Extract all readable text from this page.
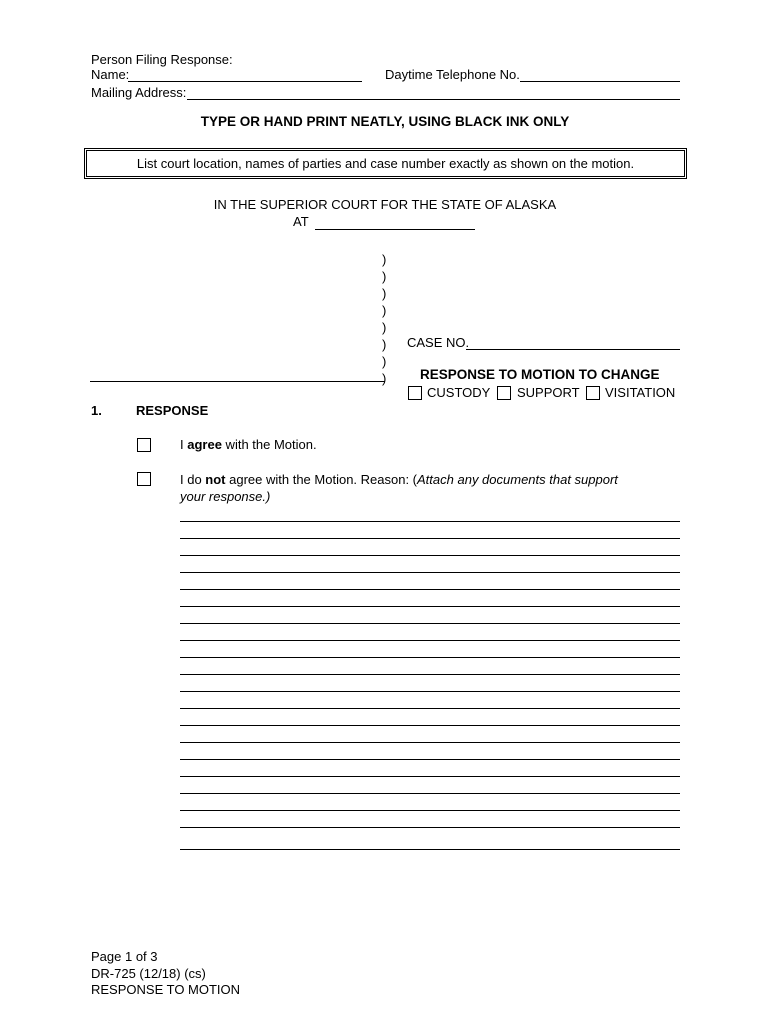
Person Filing Response:
Name:	Daytime Telephone No.
Mailing Address:
TYPE OR HAND PRINT NEATLY, USING BLACK INK ONLY
List court location, names of parties and case number exactly as shown on the motion.
IN THE SUPERIOR COURT FOR THE STATE OF ALASKA
AT
)
)
)
)
)
)
)
)
CASE NO.
RESPONSE TO MOTION TO CHANGE
CUSTODY SUPPORT VISITATION
1.	RESPONSE
I agree with the Motion.
I do not agree with the Motion. Reason: (Attach any documents that support
your response.)
Page 1 of 3
DR-725 (12/18) (cs)
RESPONSE TO MOTION
